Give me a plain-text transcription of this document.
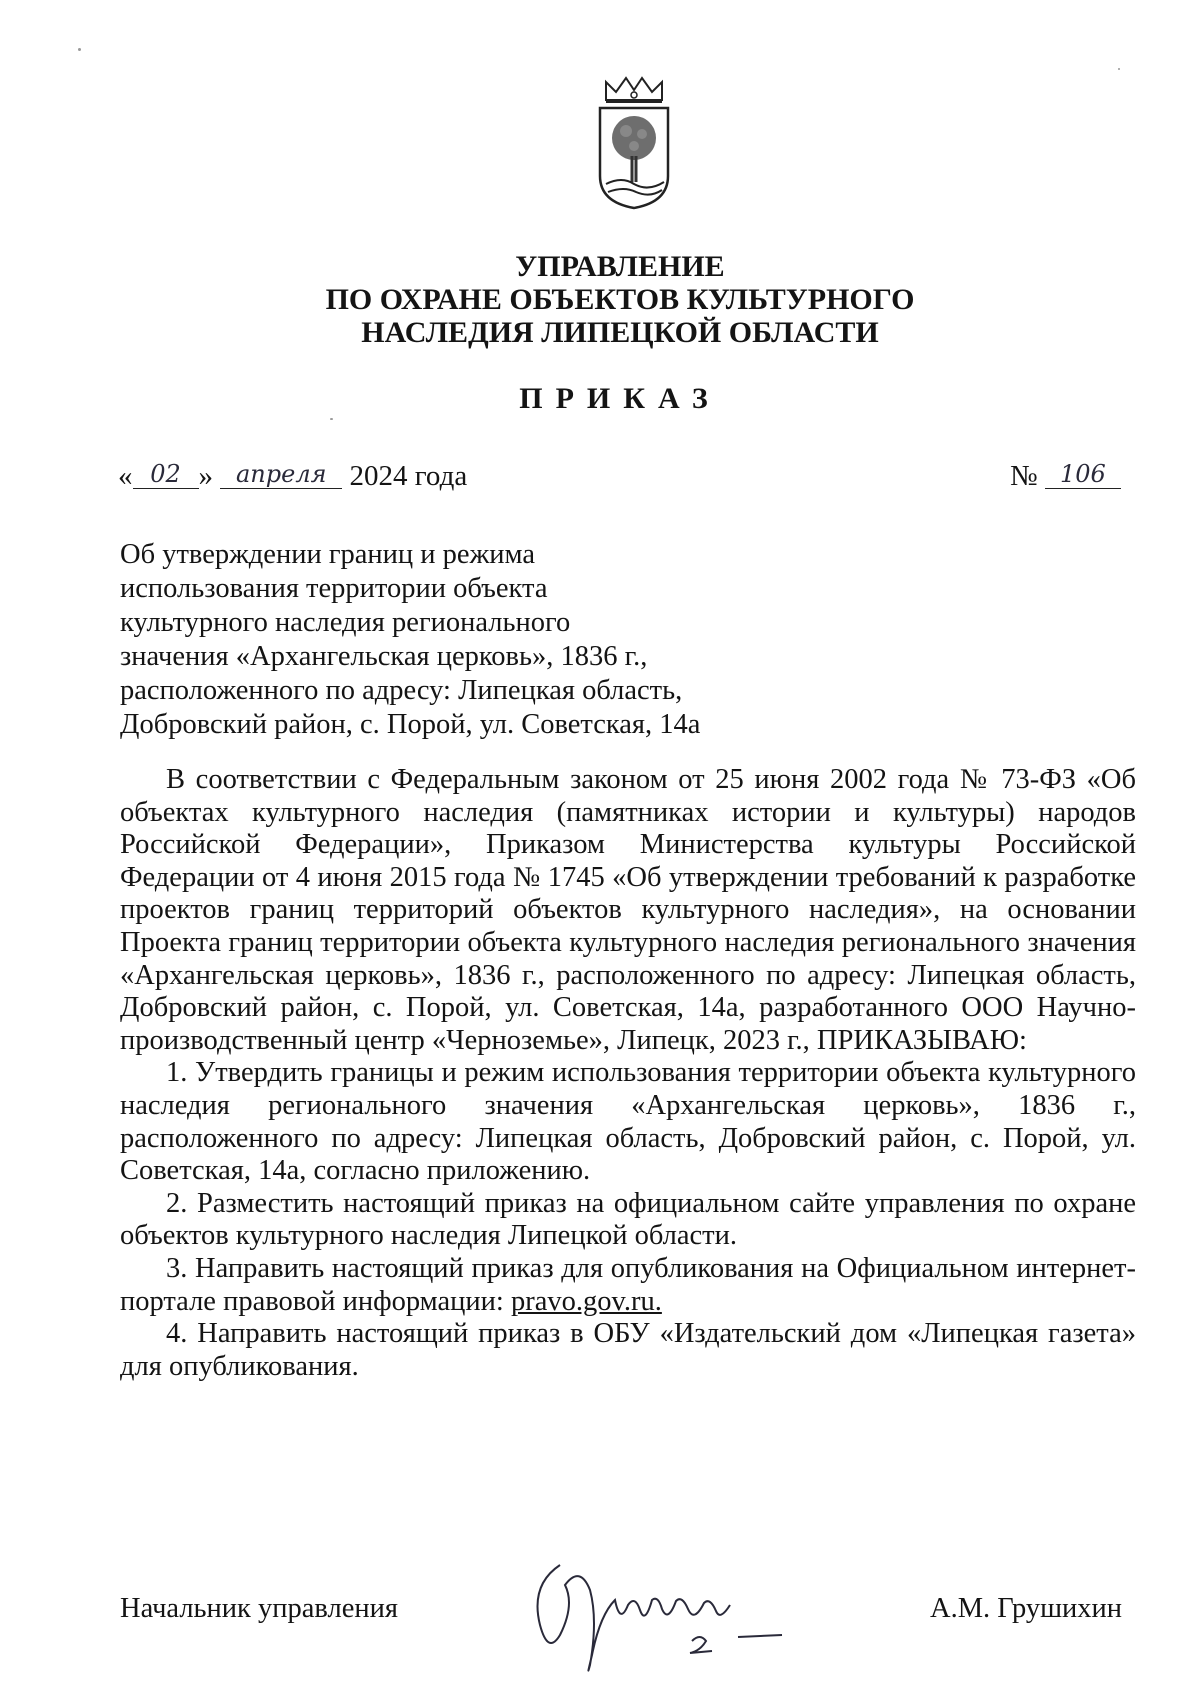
УПРАВЛЕНИЕ
ПО ОХРАНЕ ОБЪЕКТОВ КУЛЬТУРНОГО
НАСЛЕДИЯ ЛИПЕЦКОЙ ОБЛАСТИ
ПРИКАЗ
« 02 » апреля 2024 года	№ 106
Об утверждении границ и режима
использования территории объекта
культурного наследия регионального
значения «Архангельская церковь», 1836 г.,
расположенного по адресу: Липецкая область,
Добровский район, с. Порой, ул. Советская, 14а

В соответствии с Федеральным законом от 25 июня 2002 года № 73-ФЗ «Об объектах культурного наследия (памятниках истории и культуры) народов Российской Федерации», Приказом Министерства культуры Российской Федерации от 4 июня 2015 года № 1745 «Об утверждении требований к разработке проектов границ территорий объектов культурного наследия», на основании Проекта границ территории объекта культурного наследия регионального значения «Архангельская церковь», 1836 г., расположенного по адресу: Липецкая область, Добровский район, с. Порой, ул. Советская, 14а, разработанного ООО Научно-производственный центр «Черноземье», Липецк, 2023 г., ПРИКАЗЫВАЮ:

1. Утвердить границы и режим использования территории объекта культурного наследия регионального значения «Архангельская церковь», 1836 г., расположенного по адресу: Липецкая область, Добровский район, с. Порой, ул. Советская, 14а, согласно приложению.

2. Разместить настоящий приказ на официальном сайте управления по охране объектов культурного наследия Липецкой области.

3. Направить настоящий приказ для опубликования на Официальном интернет-портале правовой информации: pravo.gov.ru.

4. Направить настоящий приказ в ОБУ «Издательский дом «Липецкая газета» для опубликования.

Начальник управления	А.М. Грушихин
